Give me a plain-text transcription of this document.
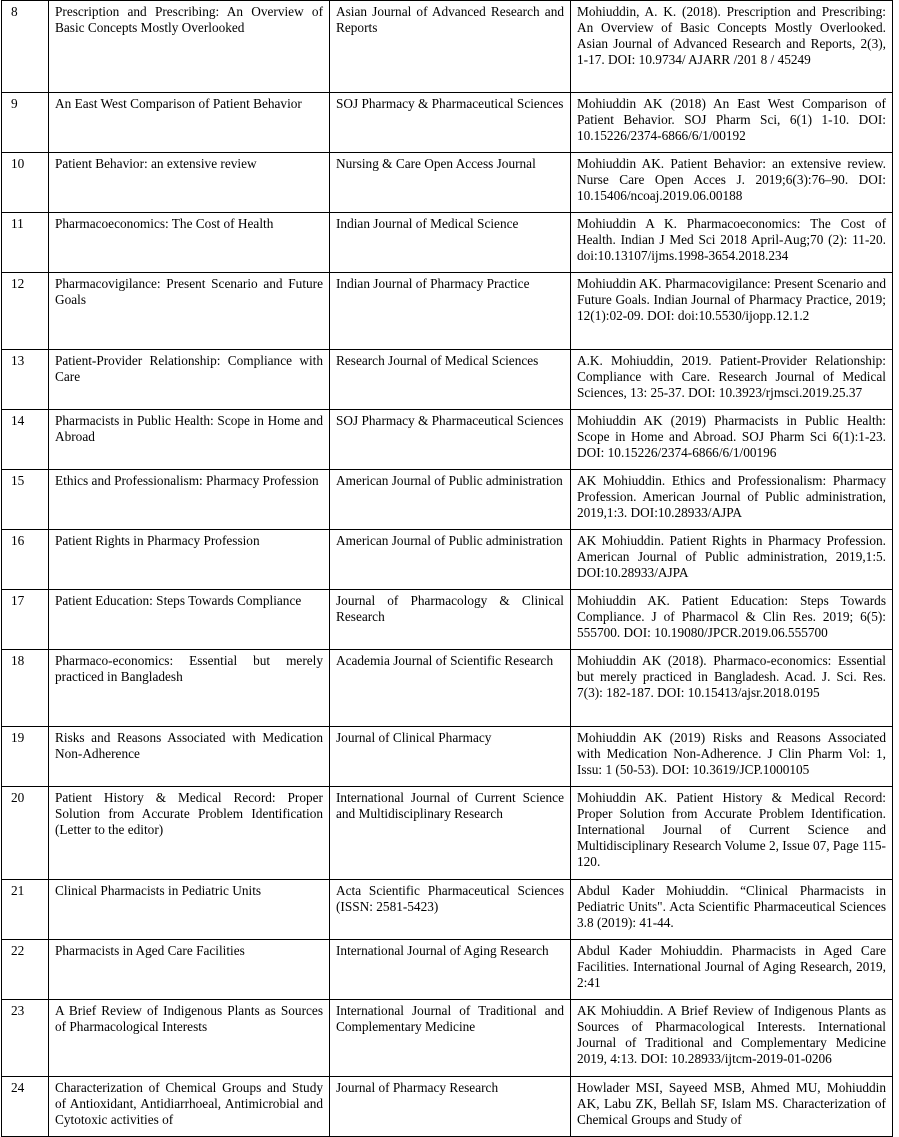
8	Prescription and Prescribing: An Overview of Basic Concepts Mostly Overlooked	Asian Journal of Advanced Research and Reports	Mohiuddin, A. K. (2018). Prescription and Prescribing: An Overview of Basic Concepts Mostly Overlooked. Asian Journal of Advanced Research and Reports, 2(3), 1-17. DOI: 10.9734/ AJARR /201 8 / 45249
9	An East West Comparison of Patient Behavior	SOJ Pharmacy & Pharmaceutical Sciences	Mohiuddin AK (2018) An East West Comparison of Patient Behavior. SOJ Pharm Sci, 6(1) 1-10. DOI: 10.15226/2374-6866/6/1/00192
10	Patient Behavior: an extensive review	Nursing & Care Open Access Journal	Mohiuddin AK. Patient Behavior: an extensive review. Nurse Care Open Acces J. 2019;6(3):76–90. DOI: 10.15406/ncoaj.2019.06.00188
11	Pharmacoeconomics: The Cost of Health	Indian Journal of Medical Science	Mohiuddin A K. Pharmacoeconomics: The Cost of Health. Indian J Med Sci 2018 April-Aug;70 (2): 11-20. doi:10.13107/ijms.1998-3654.2018.234
12	Pharmacovigilance: Present Scenario and Future Goals	Indian Journal of Pharmacy Practice	Mohiuddin AK. Pharmacovigilance: Present Scenario and Future Goals. Indian Journal of Pharmacy Practice, 2019; 12(1):02-09. DOI: doi:10.5530/ijopp.12.1.2
13	Patient-Provider Relationship: Compliance with Care	Research Journal of Medical Sciences	A.K. Mohiuddin, 2019. Patient-Provider Relationship: Compliance with Care. Research Journal of Medical Sciences, 13: 25-37. DOI: 10.3923/rjmsci.2019.25.37
14	Pharmacists in Public Health: Scope in Home and Abroad	SOJ Pharmacy & Pharmaceutical Sciences	Mohiuddin AK (2019) Pharmacists in Public Health: Scope in Home and Abroad. SOJ Pharm Sci 6(1):1-23. DOI: 10.15226/2374-6866/6/1/00196
15	Ethics and Professionalism: Pharmacy Profession	American Journal of Public administration	AK Mohiuddin. Ethics and Professionalism: Pharmacy Profession. American Journal of Public administration, 2019,1:3. DOI:10.28933/AJPA
16	Patient Rights in Pharmacy Profession	American Journal of Public administration	AK Mohiuddin. Patient Rights in Pharmacy Profession. American Journal of Public administration, 2019,1:5. DOI:10.28933/AJPA
17	Patient Education: Steps Towards Compliance	Journal of Pharmacology & Clinical Research	Mohiuddin AK. Patient Education: Steps Towards Compliance. J of Pharmacol & Clin Res. 2019; 6(5): 555700. DOI: 10.19080/JPCR.2019.06.555700
18	Pharmaco-economics: Essential but merely practiced in Bangladesh	Academia Journal of Scientific Research	Mohiuddin AK (2018). Pharmaco-economics: Essential but merely practiced in Bangladesh. Acad. J. Sci. Res. 7(3): 182-187. DOI: 10.15413/ajsr.2018.0195
19	Risks and Reasons Associated with Medication Non-Adherence	Journal of Clinical Pharmacy	Mohiuddin AK (2019) Risks and Reasons Associated with Medication Non-Adherence. J Clin Pharm Vol: 1, Issu: 1 (50-53). DOI: 10.3619/JCP.1000105
20	Patient History & Medical Record: Proper Solution from Accurate Problem Identification (Letter to the editor)	International Journal of Current Science and Multidisciplinary Research	Mohiuddin AK. Patient History & Medical Record: Proper Solution from Accurate Problem Identification. International Journal of Current Science and Multidisciplinary Research Volume 2, Issue 07, Page 115-120.
21	Clinical Pharmacists in Pediatric Units	Acta Scientific Pharmaceutical Sciences (ISSN: 2581-5423)	Abdul Kader Mohiuddin. “Clinical Pharmacists in Pediatric Units". Acta Scientific Pharmaceutical Sciences 3.8 (2019): 41-44.
22	Pharmacists in Aged Care Facilities	International Journal of Aging Research	Abdul Kader Mohiuddin. Pharmacists in Aged Care Facilities. International Journal of Aging Research, 2019, 2:41
23	A Brief Review of Indigenous Plants as Sources of Pharmacological Interests	International Journal of Traditional and Complementary Medicine	AK Mohiuddin. A Brief Review of Indigenous Plants as Sources of Pharmacological Interests. International Journal of Traditional and Complementary Medicine 2019, 4:13. DOI: 10.28933/ijtcm-2019-01-0206
24	Characterization of Chemical Groups and Study of Antioxidant, Antidiarrhoeal, Antimicrobial and Cytotoxic activities of	Journal of Pharmacy Research	Howlader MSI, Sayeed MSB, Ahmed MU, Mohiuddin AK, Labu ZK, Bellah SF, Islam MS. Characterization of Chemical Groups and Study of
